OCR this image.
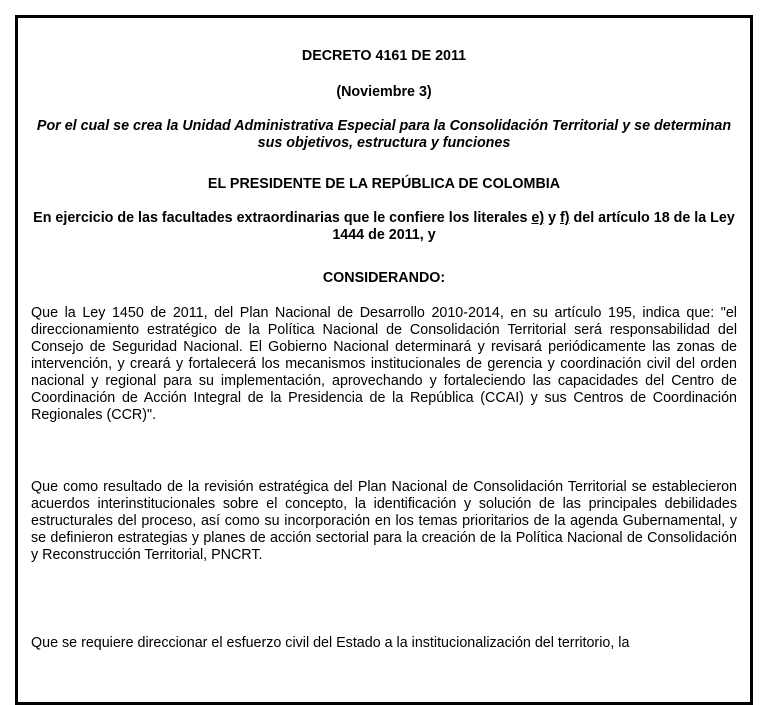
DECRETO 4161 DE 2011
(Noviembre 3)
Por el cual se crea la Unidad Administrativa Especial para la Consolidación Territorial y se determinan sus objetivos, estructura y funciones
EL PRESIDENTE DE LA REPÚBLICA DE COLOMBIA
En ejercicio de las facultades extraordinarias que le confiere los literales e) y f) del artículo 18 de la Ley 1444 de 2011, y
CONSIDERANDO:
Que la Ley 1450 de 2011, del Plan Nacional de Desarrollo 2010-2014, en su artículo 195, indica que: "el direccionamiento estratégico de la Política Nacional de Consolidación Territorial será responsabilidad del Consejo de Seguridad Nacional. El Gobierno Nacional determinará y revisará periódicamente las zonas de intervención, y creará y fortalecerá los mecanismos institucionales de gerencia y coordinación civil del orden nacional y regional para su implementación, aprovechando y fortaleciendo las capacidades del Centro de Coordinación de Acción Integral de la Presidencia de la República (CCAI) y sus Centros de Coordinación Regionales (CCR)".
Que como resultado de la revisión estratégica del Plan Nacional de Consolidación Territorial se establecieron acuerdos interinstitucionales sobre el concepto, la identificación y solución de las principales debilidades estructurales del proceso, así como su incorporación en los temas prioritarios de la agenda Gubernamental, y se definieron estrategias y planes de acción sectorial para la creación de la Política Nacional de Consolidación y Reconstrucción Territorial, PNCRT.
Que se requiere direccionar el esfuerzo civil del Estado a la institucionalización del territorio, la
